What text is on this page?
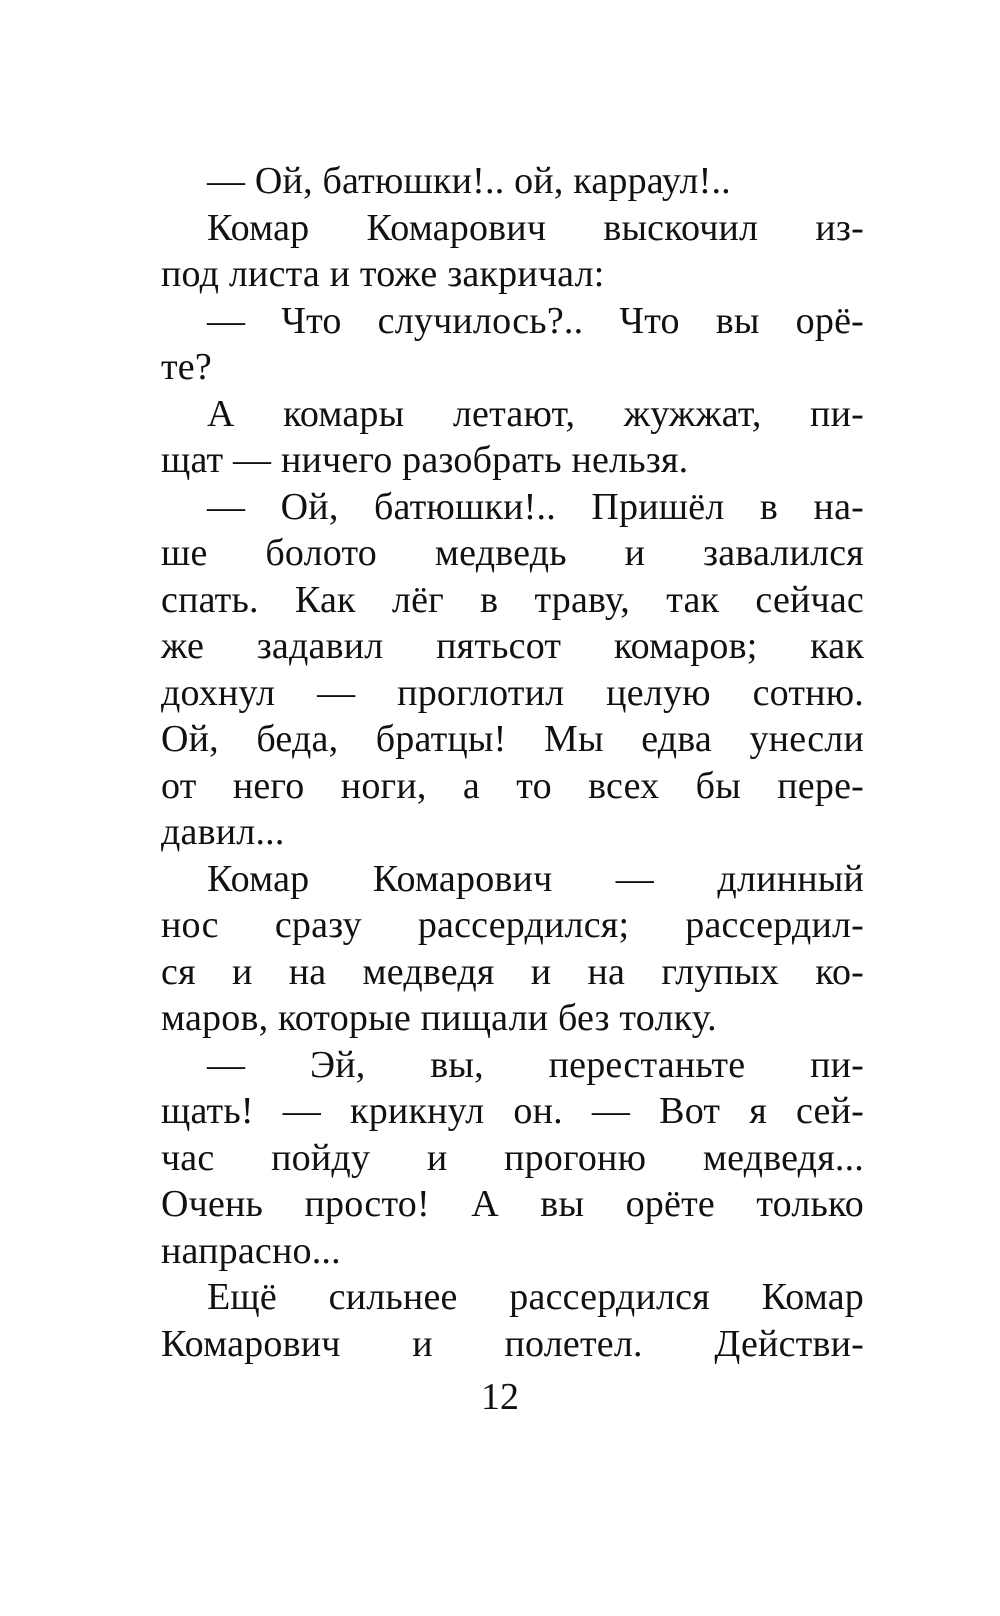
— Ой, батюшки!.. ой, карраул!..
Комар Комарович выскочил из-
под листа и тоже закричал:
— Что случилось?.. Что вы орё-
те?
А комары летают, жужжат, пи-
щат — ничего разобрать нельзя.
— Ой, батюшки!.. Пришёл в на-
ше болото медведь и завалился
спать. Как лёг в траву, так сейчас
же задавил пятьсот комаров; как
дохнул — проглотил целую сотню.
Ой, беда, братцы! Мы едва унесли
от него ноги, а то всех бы пере-
давил...
Комар Комарович — длинный
нос сразу рассердился; рассердил-
ся и на медведя и на глупых ко-
маров, которые пищали без толку.
— Эй, вы, перестаньте пи-
щать! — крикнул он. — Вот я сей-
час пойду и прогоню медведя...
Очень просто! А вы орёте только
напрасно...
Ещё сильнее рассердился Комар
Комарович и полетел. Действи-
12
